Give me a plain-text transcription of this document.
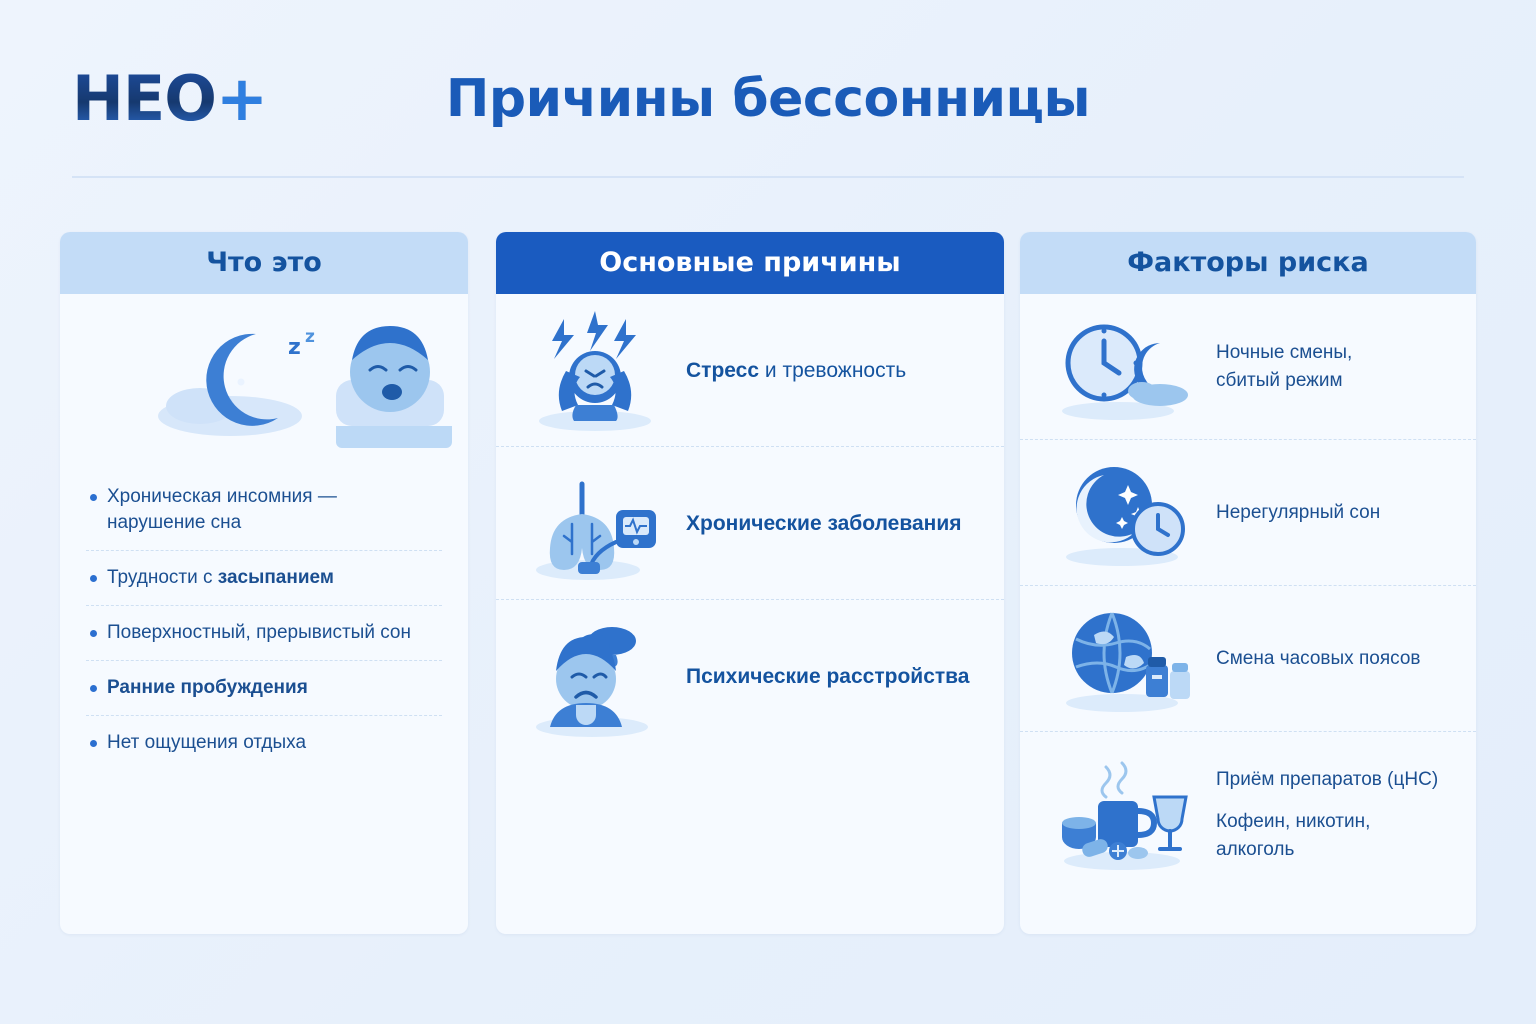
НЕО+	Причины бессонницы
Что это
z z
Хроническая инсомния — нарушение сна
Трудности с засыпанием
Поверхностный, прерывистый сон
Ранние пробуждения
Нет ощущения отдыха
Основные причины
Стресс и тревожность
Хронические заболевания
Психические расстройства
Факторы риска
Ночные смены,
сбитый режим
Нерегулярный сон
Смена часовых поясов
Приём препаратов (цНС)
Кофеин, никотин, алкоголь
